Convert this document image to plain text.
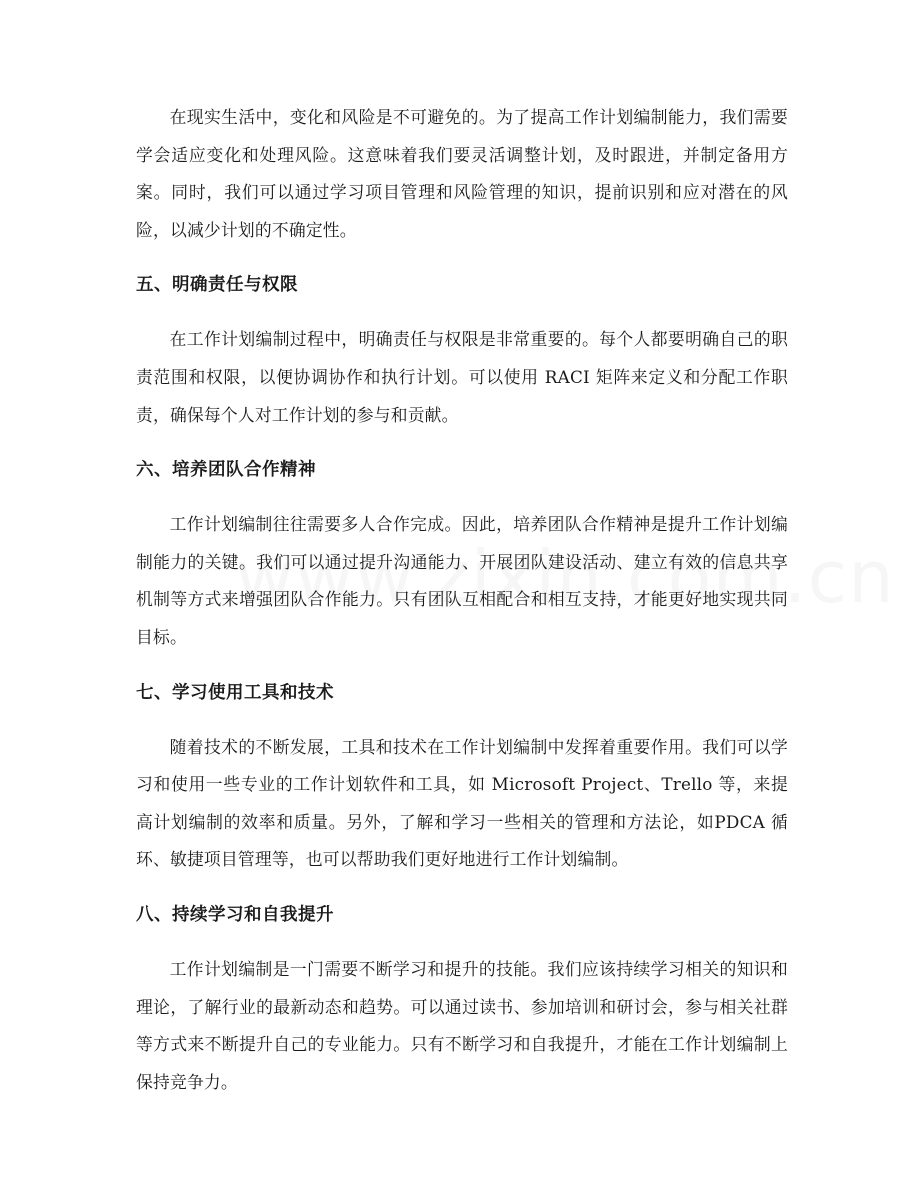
在现实生活中，变化和风险是不可避免的。为了提高工作计划编制能力，我们需要学会适应变化和处理风险。这意味着我们要灵活调整计划，及时跟进，并制定备用方案。同时，我们可以通过学习项目管理和风险管理的知识，提前识别和应对潜在的风险，以减少计划的不确定性。

五、明确责任与权限

在工作计划编制过程中，明确责任与权限是非常重要的。每个人都要明确自己的职责范围和权限，以便协调协作和执行计划。可以使用 RACI 矩阵来定义和分配工作职责，确保每个人对工作计划的参与和贡献。

六、培养团队合作精神

工作计划编制往往需要多人合作完成。因此，培养团队合作精神是提升工作计划编制能力的关键。我们可以通过提升沟通能力、开展团队建设活动、建立有效的信息共享机制等方式来增强团队合作能力。只有团队互相配合和相互支持，才能更好地实现共同目标。

七、学习使用工具和技术

随着技术的不断发展，工具和技术在工作计划编制中发挥着重要作用。我们可以学习和使用一些专业的工作计划软件和工具，如 Microsoft Project、Trello 等，来提高计划编制的效率和质量。另外，了解和学习一些相关的管理和方法论，如PDCA 循环、敏捷项目管理等，也可以帮助我们更好地进行工作计划编制。

八、持续学习和自我提升

工作计划编制是一门需要不断学习和提升的技能。我们应该持续学习相关的知识和理论，了解行业的最新动态和趋势。可以通过读书、参加培训和研讨会，参与相关社群等方式来不断提升自己的专业能力。只有不断学习和自我提升，才能在工作计划编制上保持竞争力。
